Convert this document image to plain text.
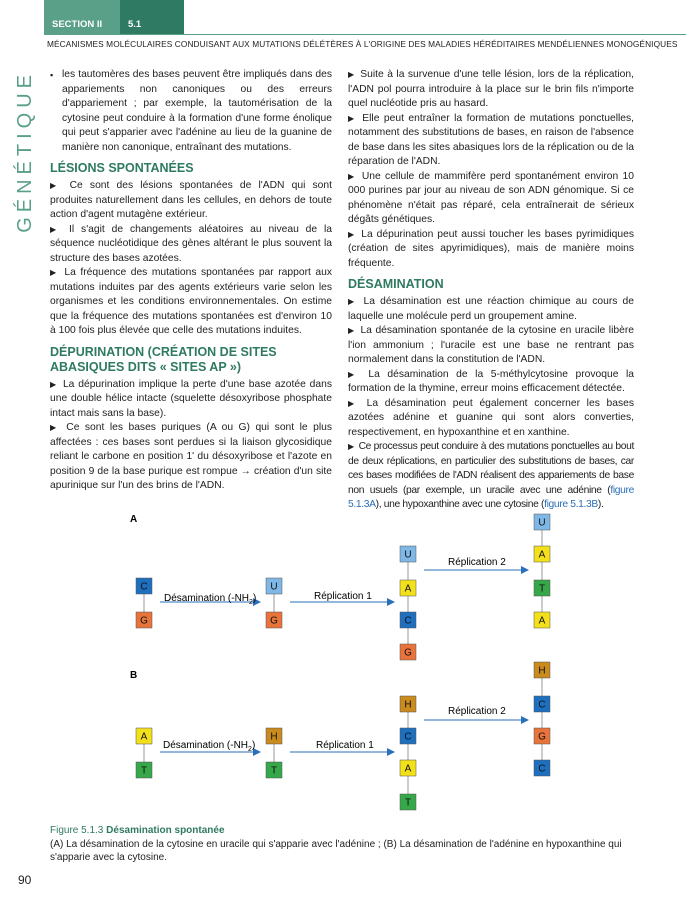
SECTION II	5.1
MÉCANISMES MOLÉCULAIRES CONDUISANT AUX MUTATIONS DÉLÉTÈRES À L'ORIGINE DES MALADIES HÉRÉDITAIRES MENDÉLIENNES MONOGÉNIQUES
GÉNÉTIQUE

▪	les tautomères des bases peuvent être impliqués dans des appariements non canoniques ou des erreurs d'appariement ; par exemple, la tautomérisation de la cytosine peut conduire à la formation d'une forme énolique qui peut s'apparier avec l'adénine au lieu de la guanine de manière non canonique, entraînant des mutations.

LÉSIONS SPONTANÉES

▶ Ce sont des lésions spontanées de l'ADN qui sont produites naturellement dans les cellules, en dehors de toute action d'agent mutagène extérieur.

▶ Il s'agit de changements aléatoires au niveau de la séquence nucléotidique des gènes altérant le plus souvent la structure des bases azotées.

▶ La fréquence des mutations spontanées par rapport aux mutations induites par des agents extérieurs varie selon les organismes et les conditions environnementales. On estime que la fréquence des mutations spontanées est d'environ 10 à 100 fois plus élevée que celle des mutations induites.

DÉPURINATION (CRÉATION DE SITES ABASIQUES DITS « SITES AP »)

▶ La dépurination implique la perte d'une base azotée dans une double hélice intacte (squelette désoxyribose phosphate intact mais sans la base).

▶ Ce sont les bases puriques (A ou G) qui sont le plus affectées : ces bases sont perdues si la liaison glycosidique reliant le carbone en position 1' du désoxyribose et l'azote en position 9 de la base purique est rompue → création d'un site apurinique sur l'un des brins de l'ADN.

▶ Suite à la survenue d'une telle lésion, lors de la réplication, l'ADN pol pourra introduire à la place sur le brin fils n'importe quel nucléotide pris au hasard.

▶ Elle peut entraîner la formation de mutations ponctuelles, notamment des substitutions de bases, en raison de l'absence de base dans les sites abasiques lors de la réplication ou de la réparation de l'ADN.

▶ Une cellule de mammifère perd spontanément environ 10 000 purines par jour au niveau de son ADN génomique. Si ce phénomène n'était pas réparé, cela entraînerait de sérieux dégâts génétiques.

▶ La dépurination peut aussi toucher les bases pyrimidiques (création de sites apyrimidiques), mais de manière moins fréquente.

DÉSAMINATION

▶ La désamination est une réaction chimique au cours de laquelle une molécule perd un groupement amine.

▶ La désamination spontanée de la cytosine en uracile libère l'ion ammonium ; l'uracile est une base ne rentrant pas normalement dans la constitution de l'ADN.

▶ La désamination de la 5-méthylcytosine provoque la formation de la thymine, erreur moins efficacement détectée.

▶ La désamination peut également concerner les bases azotées adénine et guanine qui sont alors converties, respectivement, en hypoxanthine et en xanthine.

▶ Ce processus peut conduire à des mutations ponctuelles au bout de deux réplications, en particulier des substitutions de bases, car ces bases modifiées de l'ADN réalisent des appariements de base non usuels (par exemple, un uracile avec une adénine (figure 5.1.3A), une hypoxanthine avec une cytosine (figure 5.1.3B).

C
G
U
G
U
A
C
G
U
A
T
A
H
C
A
T
H
C
G
C
A
T
H
T
A
B
Désamination $(-NH_2)$
Désamination $(-NH_2)$
Réplication 1
Réplication 1
Réplication 2
Réplication 2
Figure 5.1.3 Désamination spontanée
(A) La désamination de la cytosine en uracile qui s'apparie avec l'adénine ; (B) La désamination de l'adénine en hypoxanthine qui s'apparie avec la cytosine.
90
